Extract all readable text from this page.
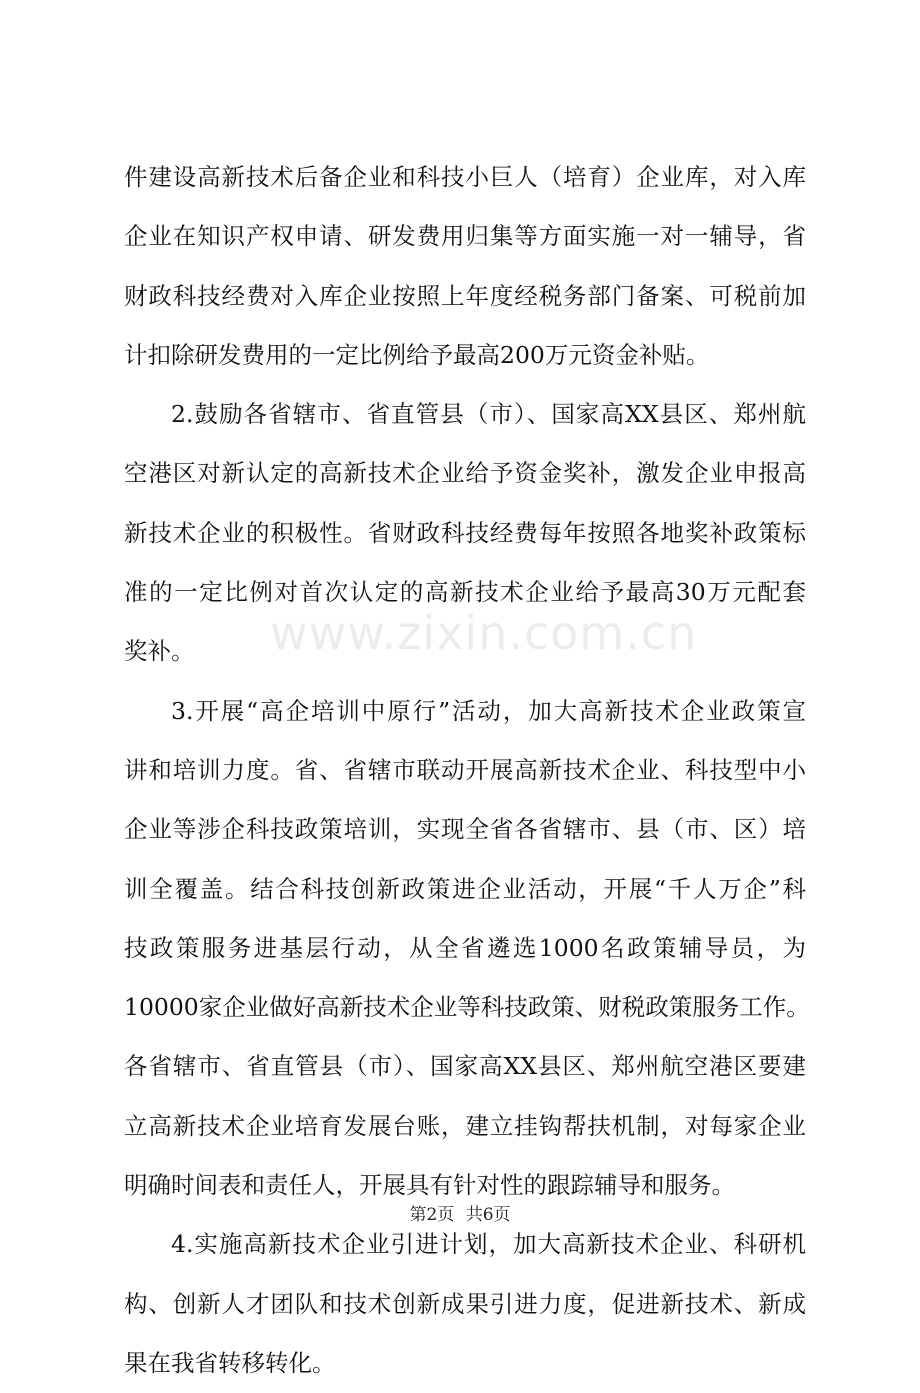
件建设高新技术后备企业和科技小巨人（培育）企业库，对入库
企业在知识产权申请、研发费用归集等方面实施一对一辅导，省
财政科技经费对入库企业按照上年度经税务部门备案、可税前加
计扣除研发费用的一定比例给予最高200万元资金补贴。
2.鼓励各省辖市、省直管县（市）、国家高XX县区、郑州航
空港区对新认定的高新技术企业给予资金奖补，激发企业申报高
新技术企业的积极性。省财政科技经费每年按照各地奖补政策标
准的一定比例对首次认定的高新技术企业给予最高30万元配套
奖补。
3.开展“高企培训中原行”活动，加大高新技术企业政策宣
讲和培训力度。省、省辖市联动开展高新技术企业、科技型中小
企业等涉企科技政策培训，实现全省各省辖市、县（市、区）培
训全覆盖。结合科技创新政策进企业活动，开展“千人万企”科
技政策服务进基层行动，从全省遴选1000名政策辅导员，为
10000家企业做好高新技术企业等科技政策、财税政策服务工作。
各省辖市、省直管县（市）、国家高XX县区、郑州航空港区要建
立高新技术企业培育发展台账，建立挂钩帮扶机制，对每家企业
明确时间表和责任人，开展具有针对性的跟踪辅导和服务。
4.实施高新技术企业引进计划，加大高新技术企业、科研机
构、创新人才团队和技术创新成果引进力度，促进新技术、新成
果在我省转移转化。
www.zixin.com.cn
第2页 共6页
